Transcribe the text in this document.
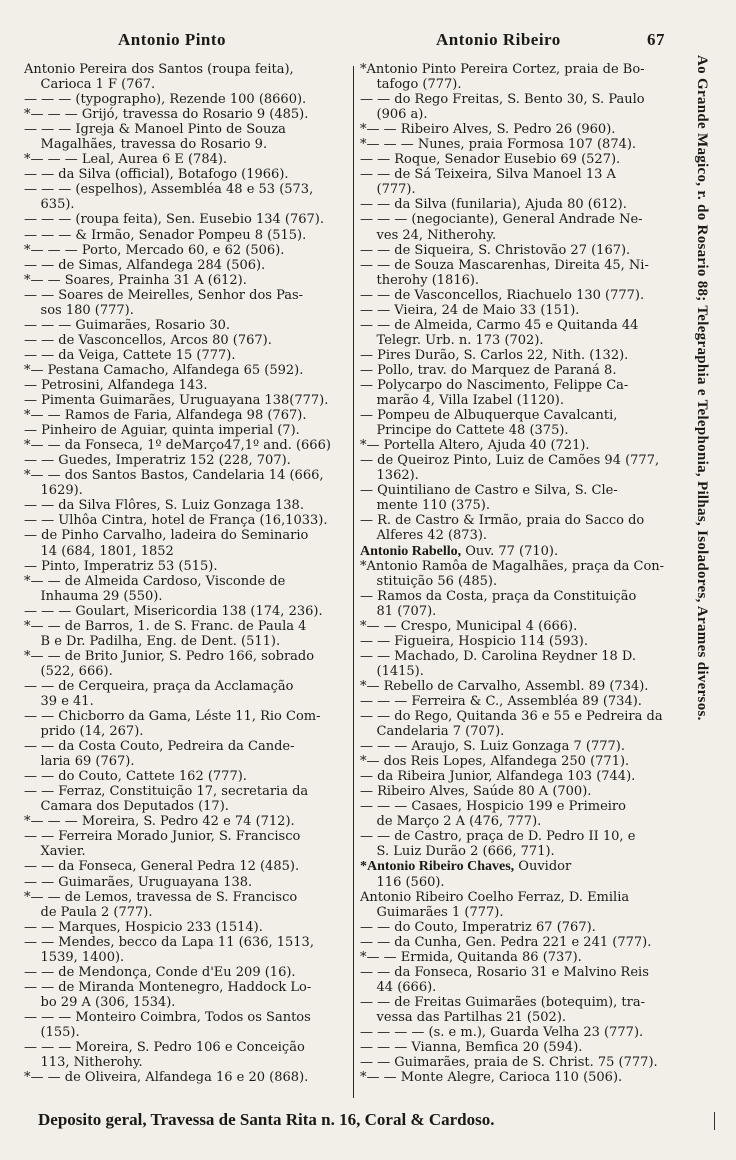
Antonio Pinto	Antonio Ribeiro	67
Antonio Pereira dos Santos (roupa feita),
Carioca 1 F (767.
— — — (typographo), Rezende 100 (8660).
*— — — Grijó, travessa do Rosario 9 (485).
— — — Igreja & Manoel Pinto de Souza
Magalhães, travessa do Rosario 9.
*— — — Leal, Aurea 6 E (784).
— — da Silva (official), Botafogo (1966).
— — — (espelhos), Assembléa 48 e 53 (573,
635).
— — — (roupa feita), Sen. Eusebio 134 (767).
— — — & Irmão, Senador Pompeu 8 (515).
*— — — Porto, Mercado 60, e 62 (506).
— — de Simas, Alfandega 284 (506).
*— — Soares, Prainha 31 A (612).
— — Soares de Meirelles, Senhor dos Pas-
sos 180 (777).
— — — Guimarães, Rosario 30.
— — de Vasconcellos, Arcos 80 (767).
— — da Veiga, Cattete 15 (777).
*— Pestana Camacho, Alfandega 65 (592).
— Petrosini, Alfandega 143.
— Pimenta Guimarães, Uruguayana 138(777).
*— — Ramos de Faria, Alfandega 98 (767).
— Pinheiro de Aguiar, quinta imperial (7).
*— — da Fonseca, 1º deMarço47,1º and. (666)
— — Guedes, Imperatriz 152 (228, 707).
*— — dos Santos Bastos, Candelaria 14 (666,
1629).
— — da Silva Flôres, S. Luiz Gonzaga 138.
— — Ulhôa Cintra, hotel de França (16,1033).
— de Pinho Carvalho, ladeira do Seminario
14 (684, 1801, 1852
— Pinto, Imperatriz 53 (515).
*— — de Almeida Cardoso, Visconde de
Inhauma 29 (550).
— — — Goulart, Misericordia 138 (174, 236).
*— — de Barros, 1. de S. Franc. de Paula 4
B e Dr. Padilha, Eng. de Dent. (511).
*— — de Brito Junior, S. Pedro 166, sobrado
(522, 666).
— — de Cerqueira, praça da Acclamação
39 e 41.
— — Chicborro da Gama, Léste 11, Rio Com-
prido (14, 267).
— — da Costa Couto, Pedreira da Cande-
laria 69 (767).
— — do Couto, Cattete 162 (777).
— — Ferraz, Constituição 17, secretaria da
Camara dos Deputados (17).
*— — — Moreira, S. Pedro 42 e 74 (712).
— — Ferreira Morado Junior, S. Francisco
Xavier.
— — da Fonseca, General Pedra 12 (485).
— — Guimarães, Uruguayana 138.
*— — de Lemos, travessa de S. Francisco
de Paula 2 (777).
— — Marques, Hospicio 233 (1514).
— — Mendes, becco da Lapa 11 (636, 1513,
1539, 1400).
— — de Mendonça, Conde d'Eu 209 (16).
— — de Miranda Montenegro, Haddock Lo-
bo 29 A (306, 1534).
— — — Monteiro Coimbra, Todos os Santos
(155).
— — — Moreira, S. Pedro 106 e Conceição
113, Nitherohy.
*— — de Oliveira, Alfandega 16 e 20 (868).
*Antonio Pinto Pereira Cortez, praia de Bo-
tafogo (777).
— — do Rego Freitas, S. Bento 30, S. Paulo
(906 a).
*— — Ribeiro Alves, S. Pedro 26 (960).
*— — — Nunes, praia Formosa 107 (874).
— — Roque, Senador Eusebio 69 (527).
— — de Sá Teixeira, Silva Manoel 13 A
(777).
— — da Silva (funilaria), Ajuda 80 (612).
— — — (negociante), General Andrade Ne-
ves 24, Nitherohy.
— — de Siqueira, S. Christovão 27 (167).
— — de Souza Mascarenhas, Direita 45, Ni-
therohy (1816).
— — de Vasconcellos, Riachuelo 130 (777).
— — Vieira, 24 de Maio 33 (151).
— — de Almeida, Carmo 45 e Quitanda 44
Telegr. Urb. n. 173 (702).
— Pires Durão, S. Carlos 22, Nith. (132).
— Pollo, trav. do Marquez de Paraná 8.
— Polycarpo do Nascimento, Felippe Ca-
marão 4, Villa Izabel (1120).
— Pompeu de Albuquerque Cavalcanti,
Principe do Cattete 48 (375).
*— Portella Altero, Ajuda 40 (721).
— de Queiroz Pinto, Luiz de Camões 94 (777,
1362).
— Quintiliano de Castro e Silva, S. Cle-
mente 110 (375).
— R. de Castro & Irmão, praia do Sacco do
Alferes 42 (873).
Antonio Rabello, Ouv. 77 (710).
*Antonio Ramôa de Magalhães, praça da Con-
stituição 56 (485).
— Ramos da Costa, praça da Constituição
81 (707).
*— — Crespo, Municipal 4 (666).
— — Figueira, Hospicio 114 (593).
— — Machado, D. Carolina Reydner 18 D.
(1415).
*— Rebello de Carvalho, Assembl. 89 (734).
— — — Ferreira & C., Assembléa 89 (734).
— — do Rego, Quitanda 36 e 55 e Pedreira da
Candelaria 7 (707).
— — — Araujo, S. Luiz Gonzaga 7 (777).
*— dos Reis Lopes, Alfandega 250 (771).
— da Ribeira Junior, Alfandega 103 (744).
— Ribeiro Alves, Saúde 80 A (700).
— — — Casaes, Hospicio 199 e Primeiro
de Março 2 A (476, 777).
— — de Castro, praça de D. Pedro II 10, e
S. Luiz Durão 2 (666, 771).
*Antonio Ribeiro Chaves, Ouvidor
116 (560).
Antonio Ribeiro Coelho Ferraz, D. Emilia
Guimarães 1 (777).
— — do Couto, Imperatriz 67 (767).
— — da Cunha, Gen. Pedra 221 e 241 (777).
*— — Ermida, Quitanda 86 (737).
— — da Fonseca, Rosario 31 e Malvino Reis
44 (666).
— — de Freitas Guimarães (botequim), tra-
vessa das Partilhas 21 (502).
— — — — (s. e m.), Guarda Velha 23 (777).
— — — Vianna, Bemfica 20 (594).
— — Guimarães, praia de S. Christ. 75 (777).
*— — Monte Alegre, Carioca 110 (506).
Ao Grande Magico, r. do Rosario 88; Telegraphia e Telephonia, Pilhas, Isoladores, Arames diversos.
Deposito geral, Travessa de Santa Rita n. 16, Coral & Cardoso.
